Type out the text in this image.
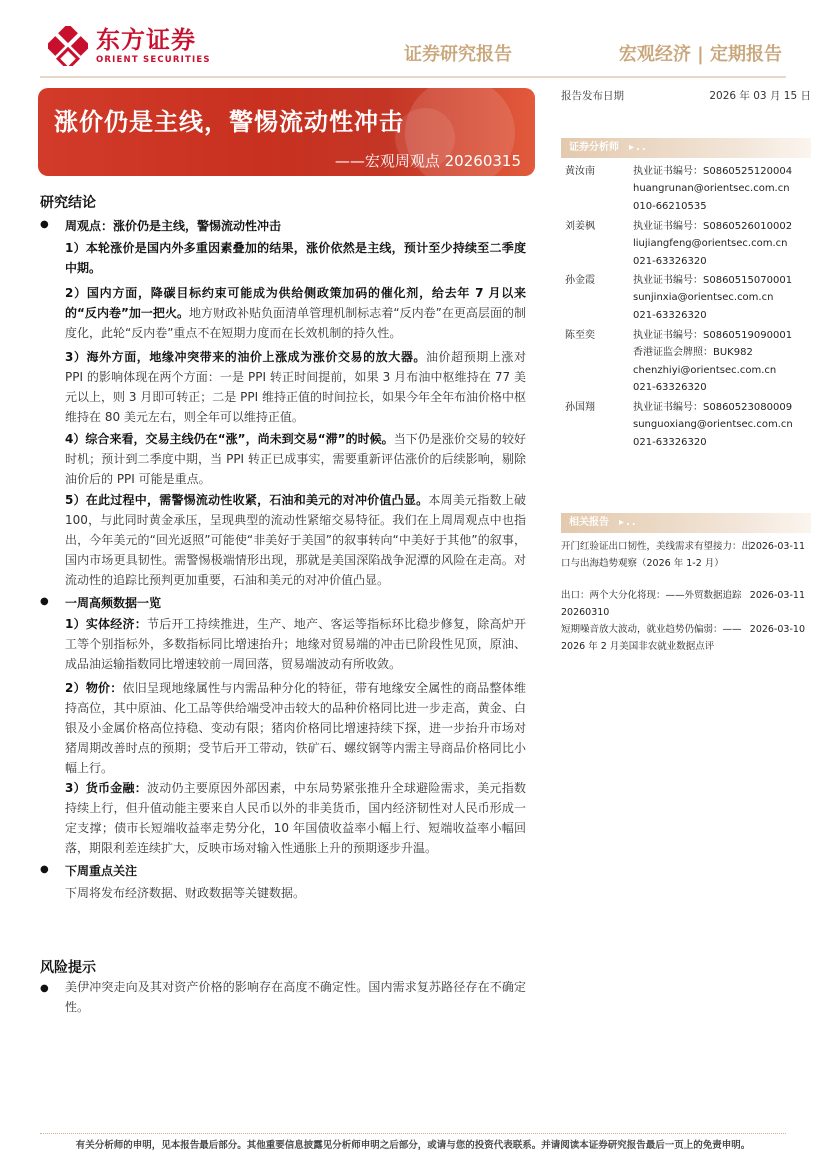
东方证券
ORIENT SECURITIES	证券研究报告	宏观经济 | 定期报告
涨价仍是主线，警惕流动性冲击
——宏观周观点 20260315
报告发布日期	2026 年 03 月 15 日
证券分析师 ▸..
黄汝南	执业证书编号：S0860525120004
huangrunan@orientsec.com.cn
010-66210535
刘姜枫	执业证书编号：S0860526010002
liujiangfeng@orientsec.com.cn
021-63326320
孙金霞	执业证书编号：S0860515070001
sunjinxia@orientsec.com.cn
021-63326320
陈至奕	执业证书编号：S0860519090001
香港证监会牌照：BUK982
chenzhiyi@orientsec.com.cn
021-63326320
孙国翔	执业证书编号：S0860523080009
sunguoxiang@orientsec.com.cn
021-63326320
相关报告 ▸..
开门红验证出口韧性，美线需求有望接力：出口与出海趋势观察（2026 年 1-2 月）
2026-03-11
出口：两个大分化将现：——外贸数据追踪 20260310
2026-03-11
短期噪音放大波动，就业趋势仍偏弱：——2026 年 2 月美国非农就业数据点评
2026-03-10
研究结论
● 周观点：涨价仍是主线，警惕流动性冲击
1）本轮涨价是国内外多重因素叠加的结果，涨价依然是主线，预计至少持续至二季度中期。
2）国内方面，降碳目标约束可能成为供给侧政策加码的催化剂，给去年 7 月以来的“反内卷”加一把火。地方财政补贴负面清单管理机制标志着“反内卷”在更高层面的制度化，此轮“反内卷”重点不在短期力度而在长效机制的持久性。
3）海外方面，地缘冲突带来的油价上涨成为涨价交易的放大器。油价超预期上涨对 PPI 的影响体现在两个方面：一是 PPI 转正时间提前，如果 3 月布油中枢维持在 77 美元以上，则 3 月即可转正；二是 PPI 维持正值的时间拉长，如果今年全年布油价格中枢维持在 80 美元左右，则全年可以维持正值。
4）综合来看，交易主线仍在“涨”，尚未到交易“滞”的时候。当下仍是涨价交易的较好时机；预计到二季度中期，当 PPI 转正已成事实，需要重新评估涨价的后续影响，剔除油价后的 PPI 可能是重点。
5）在此过程中，需警惕流动性收紧，石油和美元的对冲价值凸显。本周美元指数上破 100，与此同时黄金承压，呈现典型的流动性紧缩交易特征。我们在上周周观点中也指出，今年美元的“回光返照”可能使“非美好于美国”的叙事转向“中美好于其他”的叙事，国内市场更具韧性。需警惕极端情形出现，那就是美国深陷战争泥潭的风险在走高。对流动性的追踪比预判更加重要，石油和美元的对冲价值凸显。
● 一周高频数据一览
1）实体经济：节后开工持续推进，生产、地产、客运等指标环比稳步修复，除高炉开工等个别指标外，多数指标同比增速抬升；地缘对贸易端的冲击已阶段性见顶，原油、成品油运输指数同比增速较前一周回落，贸易端波动有所收敛。
2）物价：依旧呈现地缘属性与内需品种分化的特征，带有地缘安全属性的商品整体维持高位，其中原油、化工品等供给端受冲击较大的品种价格同比进一步走高，黄金、白银及小金属价格高位持稳、变动有限；猪肉价格同比增速持续下探，进一步抬升市场对猪周期改善时点的预期；受节后开工带动，铁矿石、螺纹钢等内需主导商品价格同比小幅上行。
3）货币金融：波动仍主要原因外部因素，中东局势紧张推升全球避险需求，美元指数持续上行，但升值动能主要来自人民币以外的非美货币，国内经济韧性对人民币形成一定支撑；债市长短端收益率走势分化，10 年国债收益率小幅上行、短端收益率小幅回落，期限利差连续扩大，反映市场对输入性通胀上升的预期逐步升温。
● 下周重点关注
下周将发布经济数据、财政数据等关键数据。
风险提示
● 美伊冲突走向及其对资产价格的影响存在高度不确定性。国内需求复苏路径存在不确定性。
有关分析师的申明，见本报告最后部分。其他重要信息披露见分析师申明之后部分，或请与您的投资代表联系。并请阅读本证券研究报告最后一页上的免责申明。
